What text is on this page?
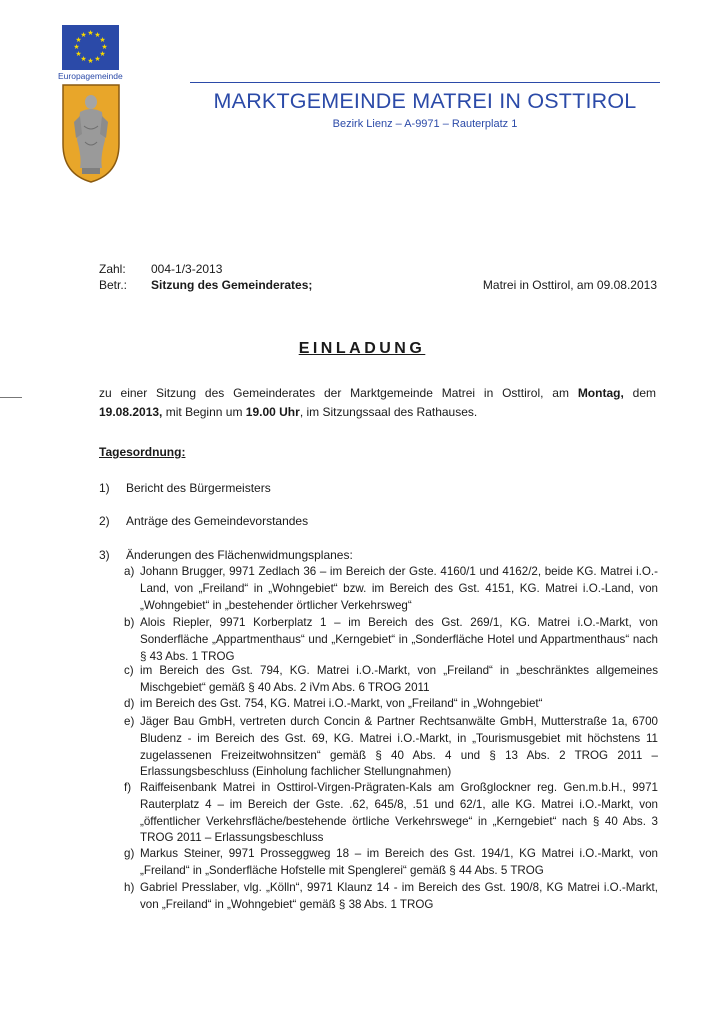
★ ★
★
★
★
★
★
★
★
★
★
★
Europagemeinde
MARKTGEMEINDE MATREI IN OSTTIROL
Bezirk Lienz – A-9971 – Rauterplatz 1
Zahl: 004-1/3-2013
Betr.: Sitzung des Gemeinderates;	Matrei in Osttirol, am 09.08.2013
EINLADUNG
zu einer Sitzung des Gemeinderates der Marktgemeinde Matrei in Osttirol, am Montag, dem 19.08.2013, mit Beginn um 19.00 Uhr, im Sitzungssaal des Rathauses.
Tagesordnung:
1) Bericht des Bürgermeisters
2) Anträge des Gemeindevorstandes
3) Änderungen des Flächenwidmungsplanes:
a) Johann Brugger, 9971 Zedlach 36 – im Bereich der Gste. 4160/1 und 4162/2, beide KG. Matrei i.O.-Land, von „Freiland“ in „Wohngebiet“ bzw. im Bereich des Gst. 4151, KG. Matrei i.O.-Land, von „Wohngebiet“ in „bestehender örtlicher Verkehrsweg“
b) Alois Riepler, 9971 Korberplatz 1 – im Bereich des Gst. 269/1, KG. Matrei i.O.-Markt, von Sonderfläche „Appartmenthaus“ und „Kerngebiet“ in „Sonderfläche Hotel und Appartmenthaus“ nach § 43 Abs. 1 TROG
c) im Bereich des Gst. 794, KG. Matrei i.O.-Markt, von „Freiland“ in „beschränktes allgemeines Mischgebiet“ gemäß § 40 Abs. 2 iVm Abs. 6 TROG 2011
d) im Bereich des Gst. 754, KG. Matrei i.O.-Markt, von „Freiland“ in „Wohngebiet“
e) Jäger Bau GmbH, vertreten durch Concin & Partner Rechtsanwälte GmbH, Mutterstraße 1a, 6700 Bludenz - im Bereich des Gst. 69, KG. Matrei i.O.-Markt, in „Tourismusgebiet mit höchstens 11 zugelassenen Freizeitwohnsitzen“ gemäß § 40 Abs. 4 und § 13 Abs. 2 TROG 2011 – Erlassungsbeschluss (Einholung fachlicher Stellungnahmen)
f) Raiffeisenbank Matrei in Osttirol-Virgen-Prägraten-Kals am Großglockner reg. Gen.m.b.H., 9971 Rauterplatz 4 – im Bereich der Gste. .62, 645/8, .51 und 62/1, alle KG. Matrei i.O.-Markt, von „öffentlicher Verkehrsfläche/bestehende örtliche Verkehrswege“ in „Kerngebiet“ nach § 40 Abs. 3 TROG 2011 – Erlassungsbeschluss
g) Markus Steiner, 9971 Prosseggweg 18 – im Bereich des Gst. 194/1, KG Matrei i.O.-Markt, von „Freiland“ in „Sonderfläche Hofstelle mit Spenglerei“ gemäß § 44 Abs. 5 TROG
h) Gabriel Presslaber, vlg. „Kölln“, 9971 Klaunz 14 - im Bereich des Gst. 190/8, KG Matrei i.O.-Markt, von „Freiland“ in „Wohngebiet“ gemäß § 38 Abs. 1 TROG
